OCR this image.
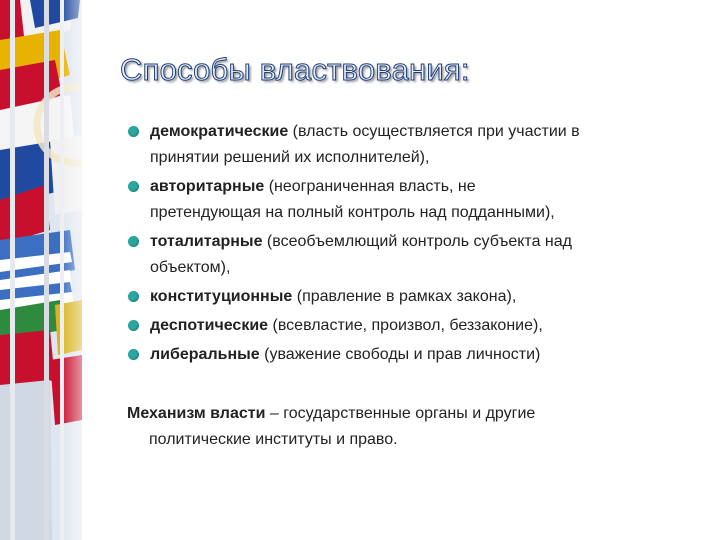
Способы властвования:
демократические (власть осуществляется при участии в
принятии решений их исполнителей),
авторитарные (неограниченная власть, не
претендующая на полный контроль над подданными),
тоталитарные (всеобъемлющий контроль субъекта над
объектом),
конституционные (правление в рамках закона),
деспотические (всевластие, произвол, беззаконие),
либеральные (уважение свободы и прав личности)
Механизм власти – государственные органы и другие
политические институты и право.
